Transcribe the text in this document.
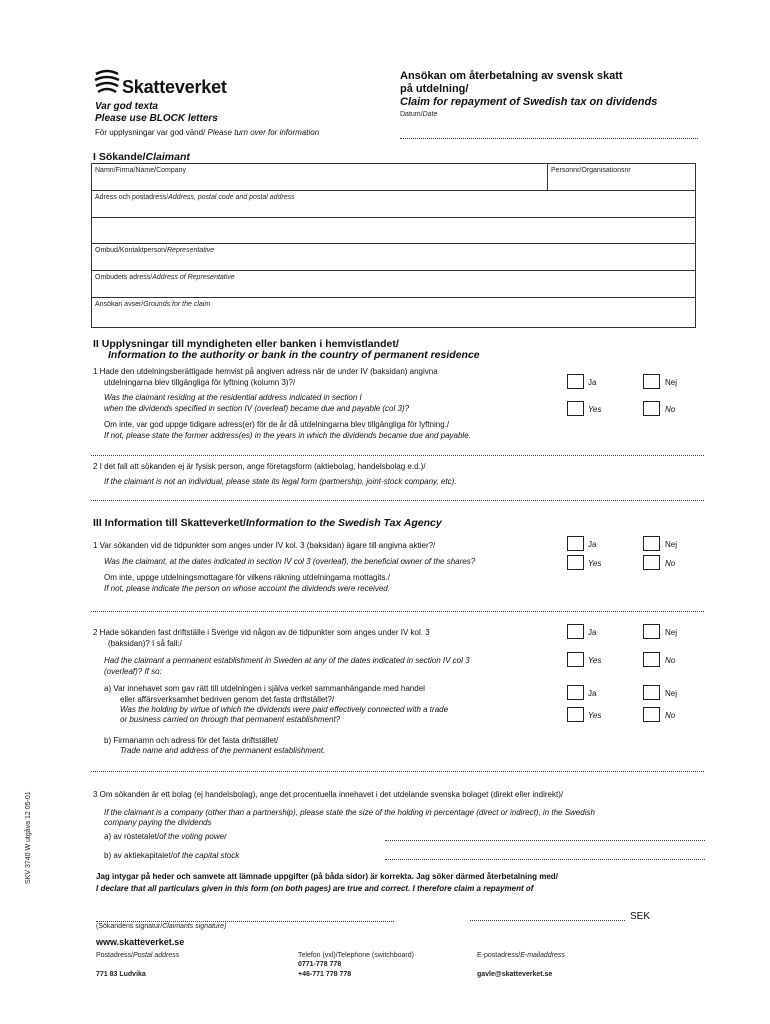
Skatteverket
Var god texta
Please use BLOCK letters
För upplysningar var god vänd/ Please turn over for information
Ansökan om återbetalning av svensk skatt
på utdelning/
Claim for repayment of Swedish tax on dividends
Datum/Date
I Sökande/Claimant
Namn/Firma/Name/Company	Personnr/Organisationsnr
Adress och postadress/Address, postal code and postal address
Ombud/Kontaktperson/Representative
Ombudets adress/Address of Representative
Ansökan avser/Grounds for the claim
II Upplysningar till myndigheten eller banken i hemvistlandet/
Information to the authority or bank in the country of permanent residence
1 Hade den utdelningsberättigade hemvist på angiven adress när de under IV (baksidan) angivna
utdelningarna blev tillgängliga för lyftning (kolumn 3)?/
Was the claimant residing at the residential address indicated in section I
when the dividends specified in section IV (overleaf) became due and payable (col 3)?
Om inte, var god uppge tidigare adress(er) för de år då utdelningarna blev tillgängliga för lyftning./
If not, please state the former address(es) in the years in which the dividends became due and payable.
Ja	Nej
Yes	No
2 I det fall att sökanden ej är fysisk person, ange företagsform (aktiebolag, handelsbolag e.d.)/
If the claimant is not an individual, please state its legal form (partnership, joint-stock company, etc).
III Information till Skatteverket/Information to the Swedish Tax Agency
1 Var sökanden vid de tidpunkter som anges under IV kol. 3 (baksidan) ägare till angivna aktier?/
Was the claimant, at the dates indicated in section IV col 3 (overleaf), the beneficial owner of the shares?
Om inte, uppge utdelningsmottagare för vilkens räkning utdelningarna mottagits./
If not, please indicate the person on whose account the dividends were received.
Ja	Nej
Yes	No
2 Hade sökanden fast driftställe i Sverige vid någon av de tidpunkter som anges under IV kol. 3
(baksidan)? I så fall:/
Had the claimant a permanent establishment in Sweden at any of the dates indicated in section IV col 3
(overleaf)? If so:
Ja	Nej
Yes	No
a) Var innehavet som gav rätt till utdelningen i själva verket sammanhängande med handel
eller affärsverksamhet bedriven genom det fasta driftstället?/
Was the holding by virtue of which the dividends were paid effectively connected with a trade
or business carried on through that permanent establishment?
Ja	Nej
Yes	No
b) Firmanamn och adress för det fasta driftstället/
Trade name and address of the permanent establishment.
3 Om sökanden är ett bolag (ej handelsbolag), ange det procentuella innehavet i det utdelande svenska bolaget (direkt eller indirekt)/
If the claimant is a company (other than a partnership), please state the size of the holding in percentage (direct or indirect), in the Swedish
company paying the dividends
a) av röstetalet/of the voting power
b) av aktiekapitalet/of the capital stock
Jag intygar på heder och samvete att lämnade uppgifter (på båda sidor) är korrekta. Jag söker därmed återbetalning med/
I declare that all particulars given in this form (on both pages) are true and correct. I therefore claim a repayment of
(Sökandens signatur/Claimants signature)
SEK
www.skatteverket.se
Postadress/Postal address
771 83 Ludvika
Telefon (vxl)/Telephone (switchboard)
0771-778 778
+46-771 778 778
E-postadress/E-mailaddress
gavle@skatteverket.se
SKV 3740 W utgåva 12 05-01
